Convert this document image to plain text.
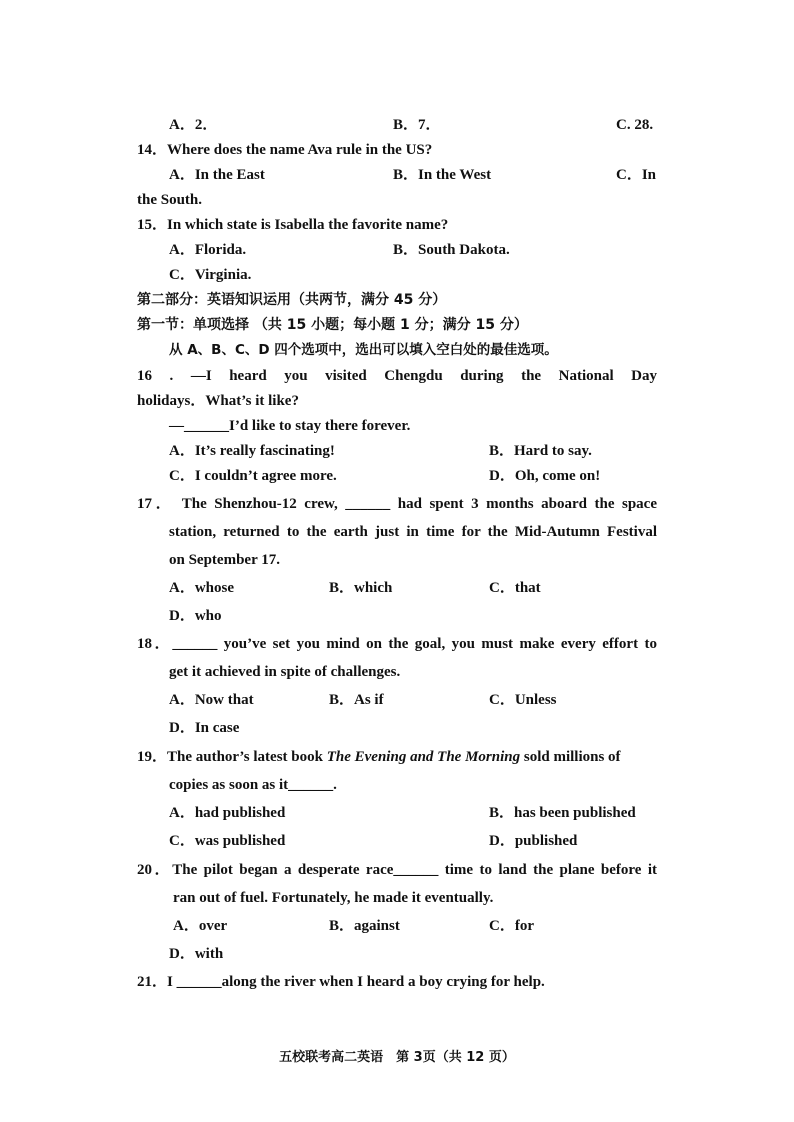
A．2．	B．7．	C. 28.
14．Where does the name Ava rule in the US?
A．In the East	B．In the West	C．In
the South.
15．In which state is Isabella the favorite name?
A．Florida.	B．South Dakota.
C．Virginia.
第二部分：英语知识运用（共两节，满分 45 分）
第一节：单项选择 （共 15 小题；每小题 1 分；满分 15 分）
从 A、B、C、D 四个选项中，选出可以填入空白处的最佳选项。
16 . —I heard you visited Chengdu during the National Day
holidays．What’s it like?
—______I’d like to stay there forever.
A．It’s really fascinating!	B．Hard to say.
C．I couldn’t agree more.	D．Oh, come on!
17． The Shenzhou-12 crew, ______ had spent 3 months aboard the space
station, returned to the earth just in time for the Mid-Autumn Festival
on September 17.
A．whose	B．which	C．that
D．who
18．______ you’ve set you mind on the goal, you must make every effort to
get it achieved in spite of challenges.
A．Now that	B．As if	C．Unless
D．In case
19．The author’s latest book The Evening and The Morning sold millions of
copies as soon as it______.
A．had published	B．has been published
C．was published	D．published
20．The pilot began a desperate race______ time to land the plane before it
ran out of fuel. Fortunately, he made it eventually.
A．over	B．against	C．for
D．with
21．I ______along the river when I heard a boy crying for help.
五校联考高二英语　第 3页（共 12 页）
